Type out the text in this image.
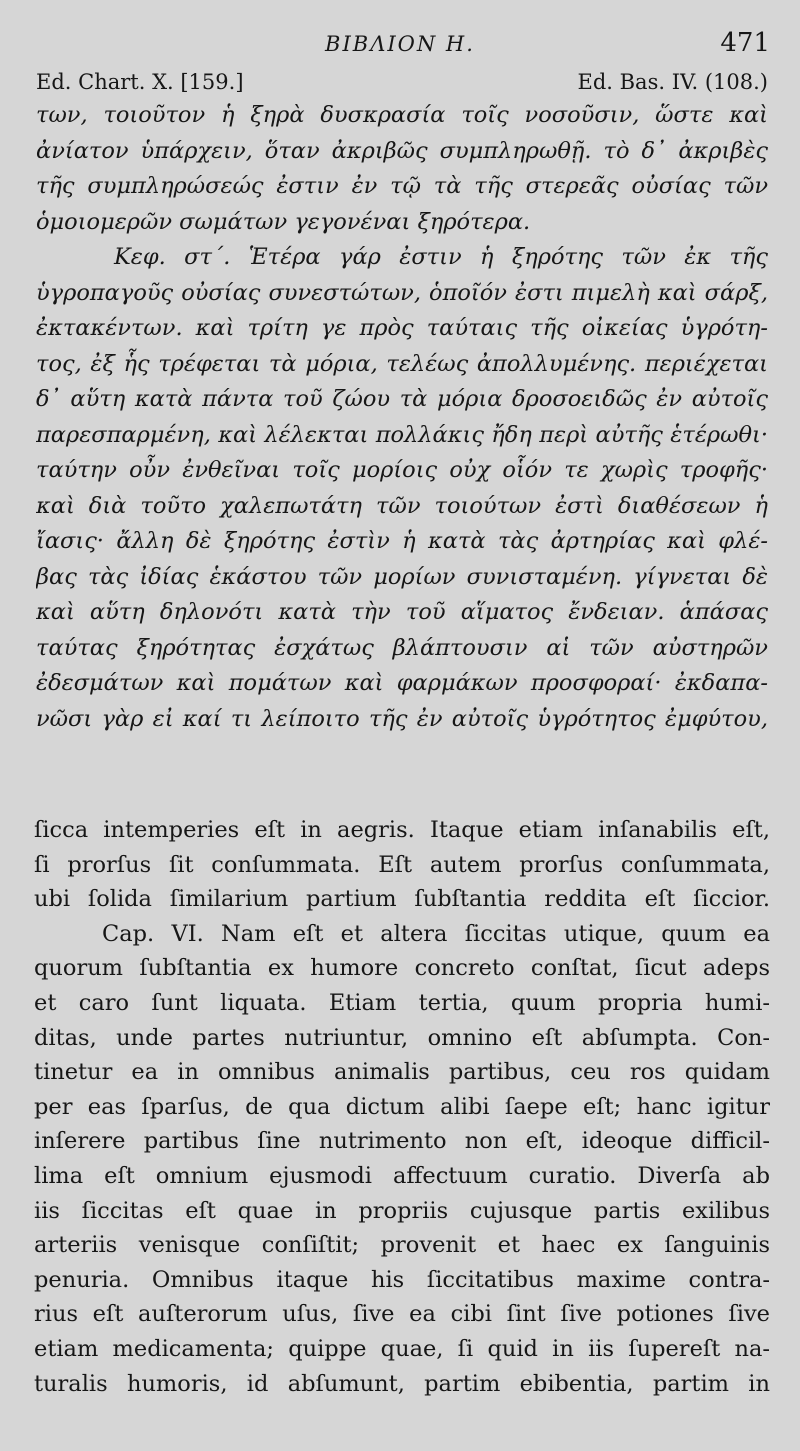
BIBΛION H.	471
Ed. Chart. X. [159.]	Ed. Bas. IV. (108.)
των, τοιοῦτον ἡ ξηρὰ δυσκρασία τοῖς νοσοῦσιν, ὥστε καὶ
ἀνίατον ὑπάρχειν, ὅταν ἀκριβῶς συμπληρωθῇ. τὸ δ᾽ ἀκριβὲς
τῆς συμπληρώσεώς ἐστιν ἐν τῷ τὰ τῆς στερεᾶς οὐσίας τῶν
ὁμοιομερῶν σωμάτων γεγονέναι ξηρότερα.
Κεφ. στ΄. Ἑτέρα γάρ ἐστιν ἡ ξηρότης τῶν ἐκ τῆς
ὑγροπαγοῦς οὐσίας συνεστώτων, ὁποῖόν ἐστι πιμελὴ καὶ σάρξ,
ἐκτακέντων. καὶ τρίτη γε πρὸς ταύταις τῆς οἰκείας ὑγρότη-
τος, ἐξ ἧς τρέφεται τὰ μόρια, τελέως ἀπολλυμένης. περιέχεται
δ᾽ αὕτη κατὰ πάντα τοῦ ζώου τὰ μόρια δροσοειδῶς ἐν αὐτοῖς
παρεσπαρμένη, καὶ λέλεκται πολλάκις ἤδη περὶ αὐτῆς ἑτέρωθι·
ταύτην οὖν ἐνθεῖναι τοῖς μορίοις οὐχ οἷόν τε χωρὶς τροφῆς·
καὶ διὰ τοῦτο χαλεπωτάτη τῶν τοιούτων ἐστὶ διαθέσεων ἡ
ἴασις· ἄλλη δὲ ξηρότης ἐστὶν ἡ κατὰ τὰς ἀρτηρίας καὶ φλέ-
βας τὰς ἰδίας ἑκάστου τῶν μορίων συνισταμένη. γίγνεται δὲ
καὶ αὕτη δηλονότι κατὰ τὴν τοῦ αἵματος ἔνδειαν. ἁπάσας
ταύτας ξηρότητας ἐσχάτως βλάπτουσιν αἱ τῶν αὐστηρῶν
ἐδεσμάτων καὶ πομάτων καὶ φαρμάκων προσφοραί· ἐκδαπα-
νῶσι γὰρ εἰ καί τι λείποιτο τῆς ἐν αὐτοῖς ὑγρότητος ἐμφύτου,
ſicca intemperies eſt in aegris. Itaque etiam inſanabilis eſt,
ſi prorſus ſit conſummata. Eſt autem prorſus conſummata,
ubi ſolida ſimilarium partium ſubſtantia reddita eſt ſiccior.
Cap. VI. Nam eſt et altera ſiccitas utique, quum ea
quorum ſubſtantia ex humore concreto conſtat, ſicut adeps
et caro ſunt liquata. Etiam tertia, quum propria humi-
ditas, unde partes nutriuntur, omnino eſt abſumpta. Con-
tinetur ea in omnibus animalis partibus, ceu ros quidam
per eas ſparſus, de qua dictum alibi ſaepe eſt; hanc igitur
inſerere partibus ſine nutrimento non eſt, ideoque difficil-
lima eſt omnium ejusmodi affectuum curatio. Diverſa ab
iis ſiccitas eſt quae in propriis cujusque partis exilibus
arteriis venisque conſiſtit; provenit et haec ex ſanguinis
penuria. Omnibus itaque his ſiccitatibus maxime contra-
rius eſt auſterorum uſus, ſive ea cibi ſint ſive potiones ſive
etiam medicamenta; quippe quae, ſi quid in iis ſupereſt na-
turalis humoris, id abſumunt, partim ebibentia, partim in
